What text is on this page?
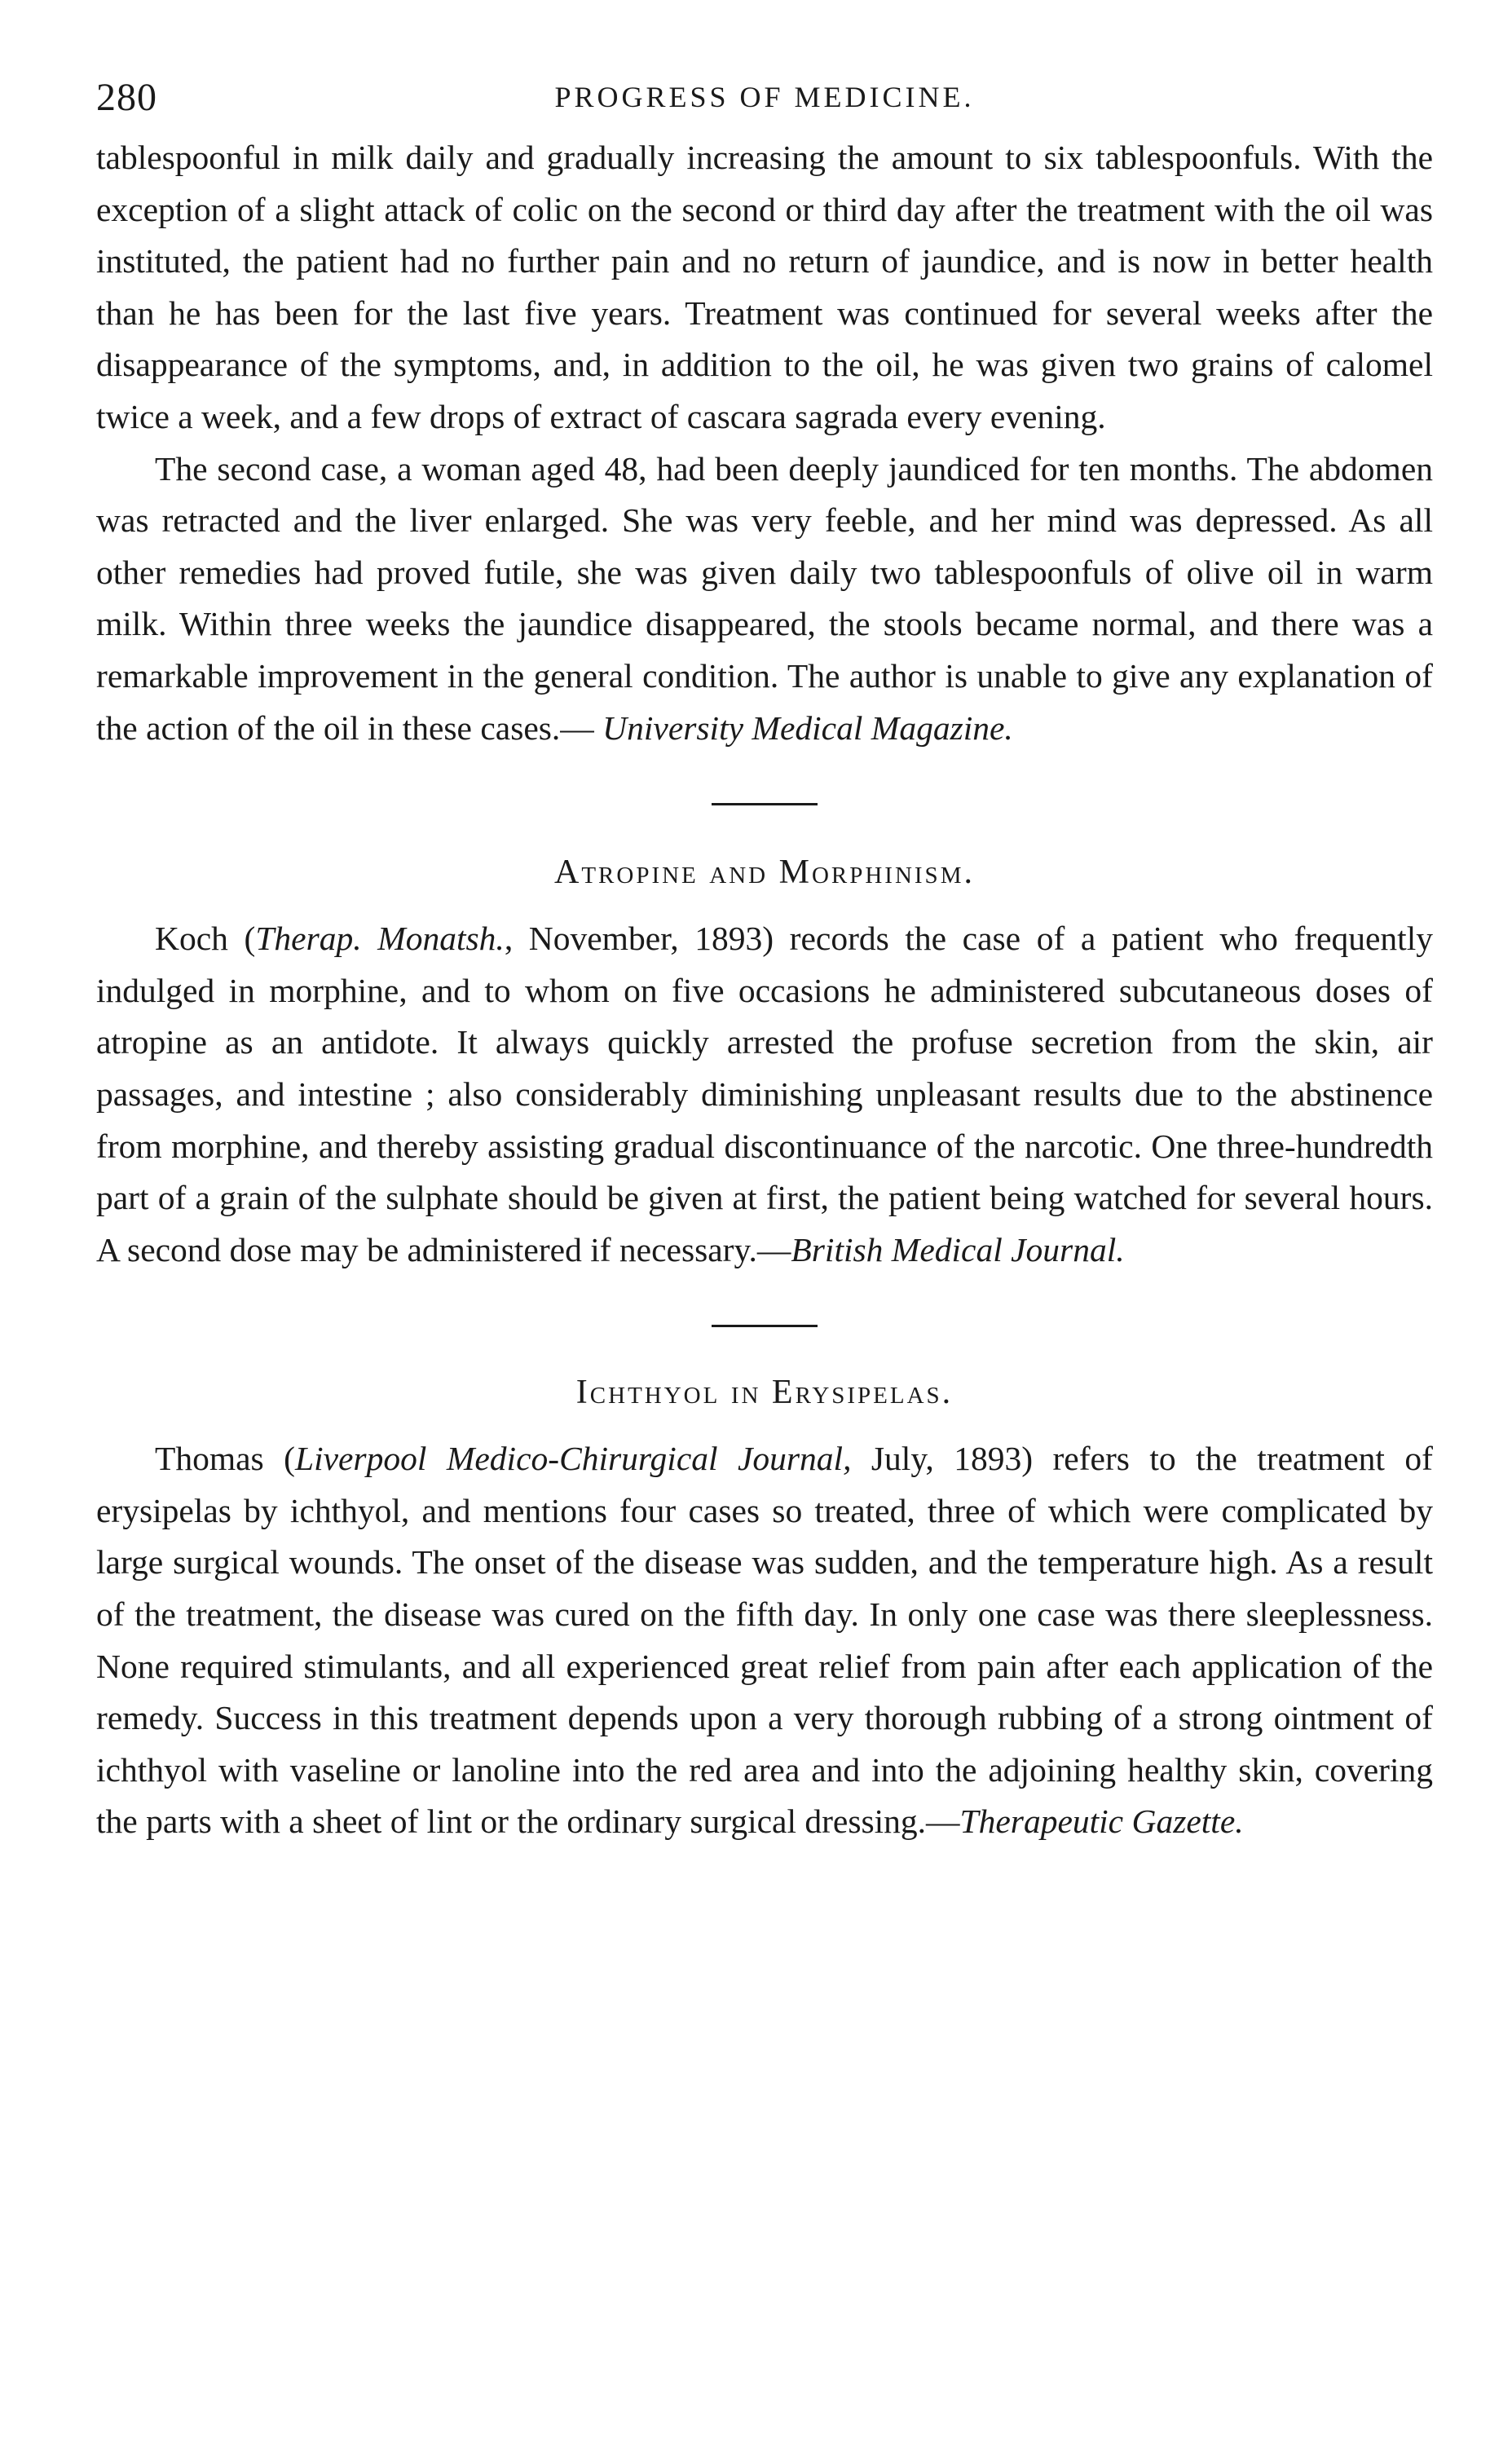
280	PROGRESS OF MEDICINE.

tablespoonful in milk daily and gradually increasing the amount to six tablespoonfuls. With the exception of a slight attack of colic on the second or third day after the treatment with the oil was instituted, the patient had no further pain and no return of jaundice, and is now in better health than he has been for the last five years. Treatment was continued for several weeks after the disappearance of the symptoms, and, in addition to the oil, he was given two grains of calomel twice a week, and a few drops of extract of cascara sagrada every evening.

The second case, a woman aged 48, had been deeply jaundiced for ten months. The abdomen was retracted and the liver enlarged. She was very feeble, and her mind was depressed. As all other remedies had proved futile, she was given daily two tablespoonfuls of olive oil in warm milk. Within three weeks the jaundice disappeared, the stools became normal, and there was a remarkable improvement in the general condition. The author is unable to give any explanation of the action of the oil in these cases.— University Medical Magazine.

Atropine and Morphinism.

Koch (Therap. Monatsh., November, 1893) records the case of a patient who frequently indulged in morphine, and to whom on five occasions he administered subcutaneous doses of atropine as an antidote. It always quickly arrested the profuse secretion from the skin, air passages, and intestine ; also considerably diminishing unpleasant results due to the abstinence from morphine, and thereby assisting gradual discontinuance of the narcotic. One three-hundredth part of a grain of the sulphate should be given at first, the patient being watched for several hours. A second dose may be administered if necessary.—British Medical Journal.

Ichthyol in Erysipelas.

Thomas (Liverpool Medico-Chirurgical Journal, July, 1893) refers to the treatment of erysipelas by ichthyol, and mentions four cases so treated, three of which were complicated by large surgical wounds. The onset of the disease was sudden, and the temperature high. As a result of the treatment, the disease was cured on the fifth day. In only one case was there sleeplessness. None required stimulants, and all experienced great relief from pain after each application of the remedy. Success in this treatment depends upon a very thorough rubbing of a strong ointment of ichthyol with vaseline or lanoline into the red area and into the adjoining healthy skin, covering the parts with a sheet of lint or the ordinary surgical dressing.—Therapeutic Gazette.
